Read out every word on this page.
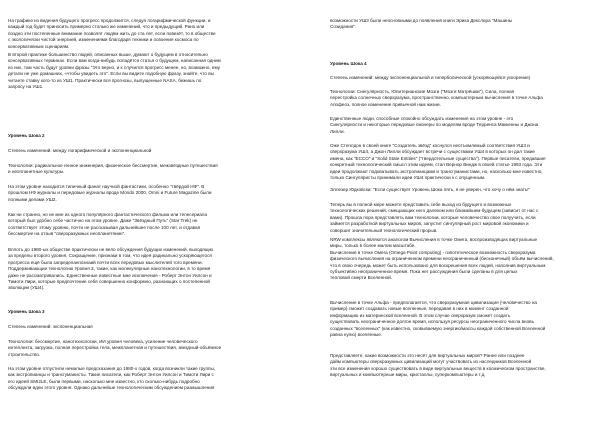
На графике из видения будущего прогресс продолжится, следуя логарифмической функции, и
каждый год будет приносить примерно столько же изменений, что и предыдущий. Рано или
поздно эти постепенные внимание позволят людям жить до ста лет, если повезёт, то в обществе
с экологически чистой энергией, изменениями благодаря техники и освоения космоса по
консервативным сценариям.

В второй практике большинство людей, описанных выше, думают о будущем в относительно
консервативных терминах. Если вам когда-нибудь попадётся статья о будущем, написанная одним
из них, там часть будут уровни фразы "Это верно, и к случился прогресс менее, но, возможно, ему
детали не уже домашних, «чтобы увидеть это". Если вы видите подобную фразу, знайте, что вы
читаете ставку кого-то из УШ1. Практически вся прогнозы, выпущенные NASA, бежишь по
запросу на УШ1.

Уровень Шока 2

Степень изменений: между логарифмической и экспоненциальной

Технологии: радикальное генное инженерия, физическое бессмертие, межзвёздные путешествия
и неопланетные культуры.

На этом уровне находится типичный фанат научной фантастики, особенно "твёрдой НФ". В
прошлом НФ журналы и передовые журналы вроде Mondo 2000, Omni и Future Magazine были
полными делами УШ2.

Как ни странно, но не мне из одного популярного фантастического фильма или телесериала
который был удобно себе частично на этом уровне. Даже "Звёздный Путь" (Star Trek) не
соответствует этому уровню, почти не рассказывая дальнейшее после 100 лет, и отдавая
бессмертие на отзыв "сверхразумных неопланетянин".

Вплоть до 1980-ых обществе практически не вело обсуждения будущих изменений, выходящих
за пределы второго уровня. Сокращение, признаки в том, что идея радикально ускоряющегося
прогресса ещё была запределанпознаий почти всех передовых мыслителей того времени.
Поддерживающие технологию Уровня 3, такие, как молекулярные нанотехнологии, в то время
даже не рассматривались. Единственные известные мне исключения - Роберт Энтон Уилсон и
Тимоти Лири, которые предпочтение себя совершенно конформно, разнающих о постепенной
эволюции (УШ4).

Уровень Шока 3

Степень изменений: экспоненциальная

Технологии: бессмертие, нанотехнологии, ИИ уровня человека, усиление человеческого
интеллекта, загрузка, полная перестройка тела, межпланетная и путешествия, звездный-объёмное
строительство.

На этом уровне отпустили немалые предсказания до 1980-х годов, когда возникли такие группы,
как экстропианцы и трансгуманисты. Такие писатели, как Роберт Энтон Уилсон и Тимоти Лири с
его идеей SMI2LE, были первыми, насколько мне известно, кто сколько-нибудь подробно
обсуждали идеи этого уровня. Однако дальнейше технологическим обсуждением размышления

возможности УШ3 были неосновными до появления книги Эрика Декслера "Машины
Созидания".

Уровень Шока 4

Степень изменений: между экспоненциальной и гиперболической (ускоряющейся ускорение)

Технологии: Сингулярность, Юпитерианские Мозги ("Мозги Матрёшки"), Сила, полная
перестройка солнечных сверхразума, пространственно, компьютерным вычисления в точке Альфа
Апофеоз, полное изменение привычной нам жизни.

Единственные люди, способные спокойно обсуждать изменения на этом уровне - это
Сингулярности и некоторые передовые пионеры по моделям вроде Терренса Маккенны и Джона
Лилли.

Оже Степлдон в своей книге "Создатель звёзд" коснулся неотъемлемый соответствия УШ3 и
сверхразума УШ4, а Джон Лилли обсуждает встречи с существами УШ4 в которых он дал такие
имена, как "ECCO" и "Solid State Entities" ("твердотельные существа"). Первые писатели, предавшие
конкретный технологический смысл этим идеям, стал Вернор Виндж в своей статье 1993 года. Эти
идеи продолжают подхватывать экстропианцами и трансгуманистами, но, насколько мне известно,
только Сингуляристы принимали идеи УШ4 практически к с опущенным.

Эллезер Юдковски: "Если существует Уровень Шока пять, я не уверен, что хочу о нём знать!"

Теперь вы в полной мере можете представить себе выход из будущего и возможных
технологических решений, смещающих него далеком или ближайшем будущем (зависит от нас с
вами). Прошла пора представлять вам технологии, которые человечество свое полуучить, если
займется разработкой виртуальных миров, запустит сингулярный рост мировой экономики и
совершит значительный технологический прорыв.

NRW комплексы являются аналогом Вычисления в точке Омега, воспроизводящих виртуальные
миры, только в более малом масштабе.
Вычисление в точке Омега (Omega Point computing) - гипотетическое возможность сверхразума
физического вычисления на ограниченном времени неограниченный (бесконечный) объём вычислений,
что в свою очередь может быть использовано для воскрешения всех людей, наполнив виртуальным
субъективно неограниченное время. Пока нет рассуждения были сделаны в для целых
тепловой смерти Вселенной.

Вычисление в точке Альфа - предполагается, что сверхразумная цивилизация (человечество на
пример) сможет создавать новые вселенные, передавая в них в момент созданной
информацию из материнской вселенной. В этом случае сверхразум сможет создать
существовать неограниченное долгое время, используя ресурсы неограниченного числа вновь
созданных "вселенных" (как известно, сковываемую энергию/массы каждой собственной Вселенной
равна нулю) вселенные.

Представляете, какие возможности это несёт для виртуальных миров? Ранее или позднее
дайм компьютеры сверхразумных цивилизаций могут участвовать из наследников Вселенной
эти все изменения хорошо существовать в виде виртуальных веществ в космическом пространстве,
виртуальных и компьютерные миры, кристаллы, суперкомпьютеры и т.д.
